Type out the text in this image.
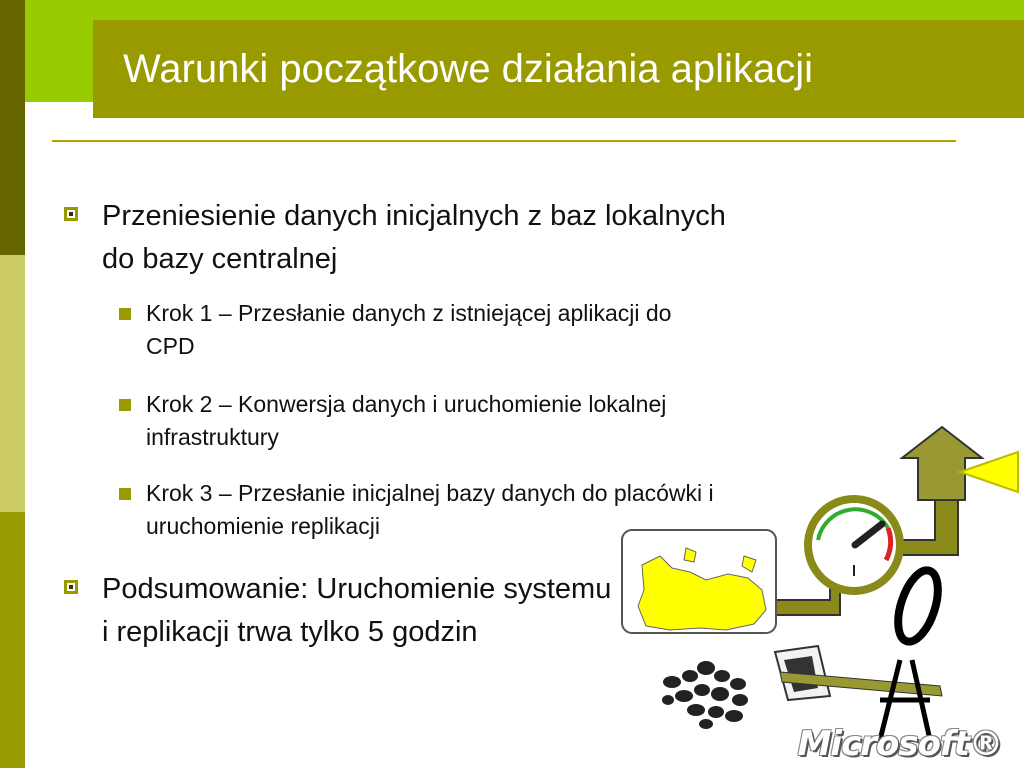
Warunki początkowe działania aplikacji
Przeniesienie danych inicjalnych z baz lokalnych
do bazy centralnej
Krok 1 – Przesłanie danych z istniejącej aplikacji do
CPD
Krok 2 – Konwersja danych i uruchomienie lokalnej
infrastruktury
Krok 3 – Przesłanie inicjalnej bazy danych do placówki i
uruchomienie replikacji
Podsumowanie: Uruchomienie systemu
i replikacji trwa tylko 5 godzin
Microsoft®
